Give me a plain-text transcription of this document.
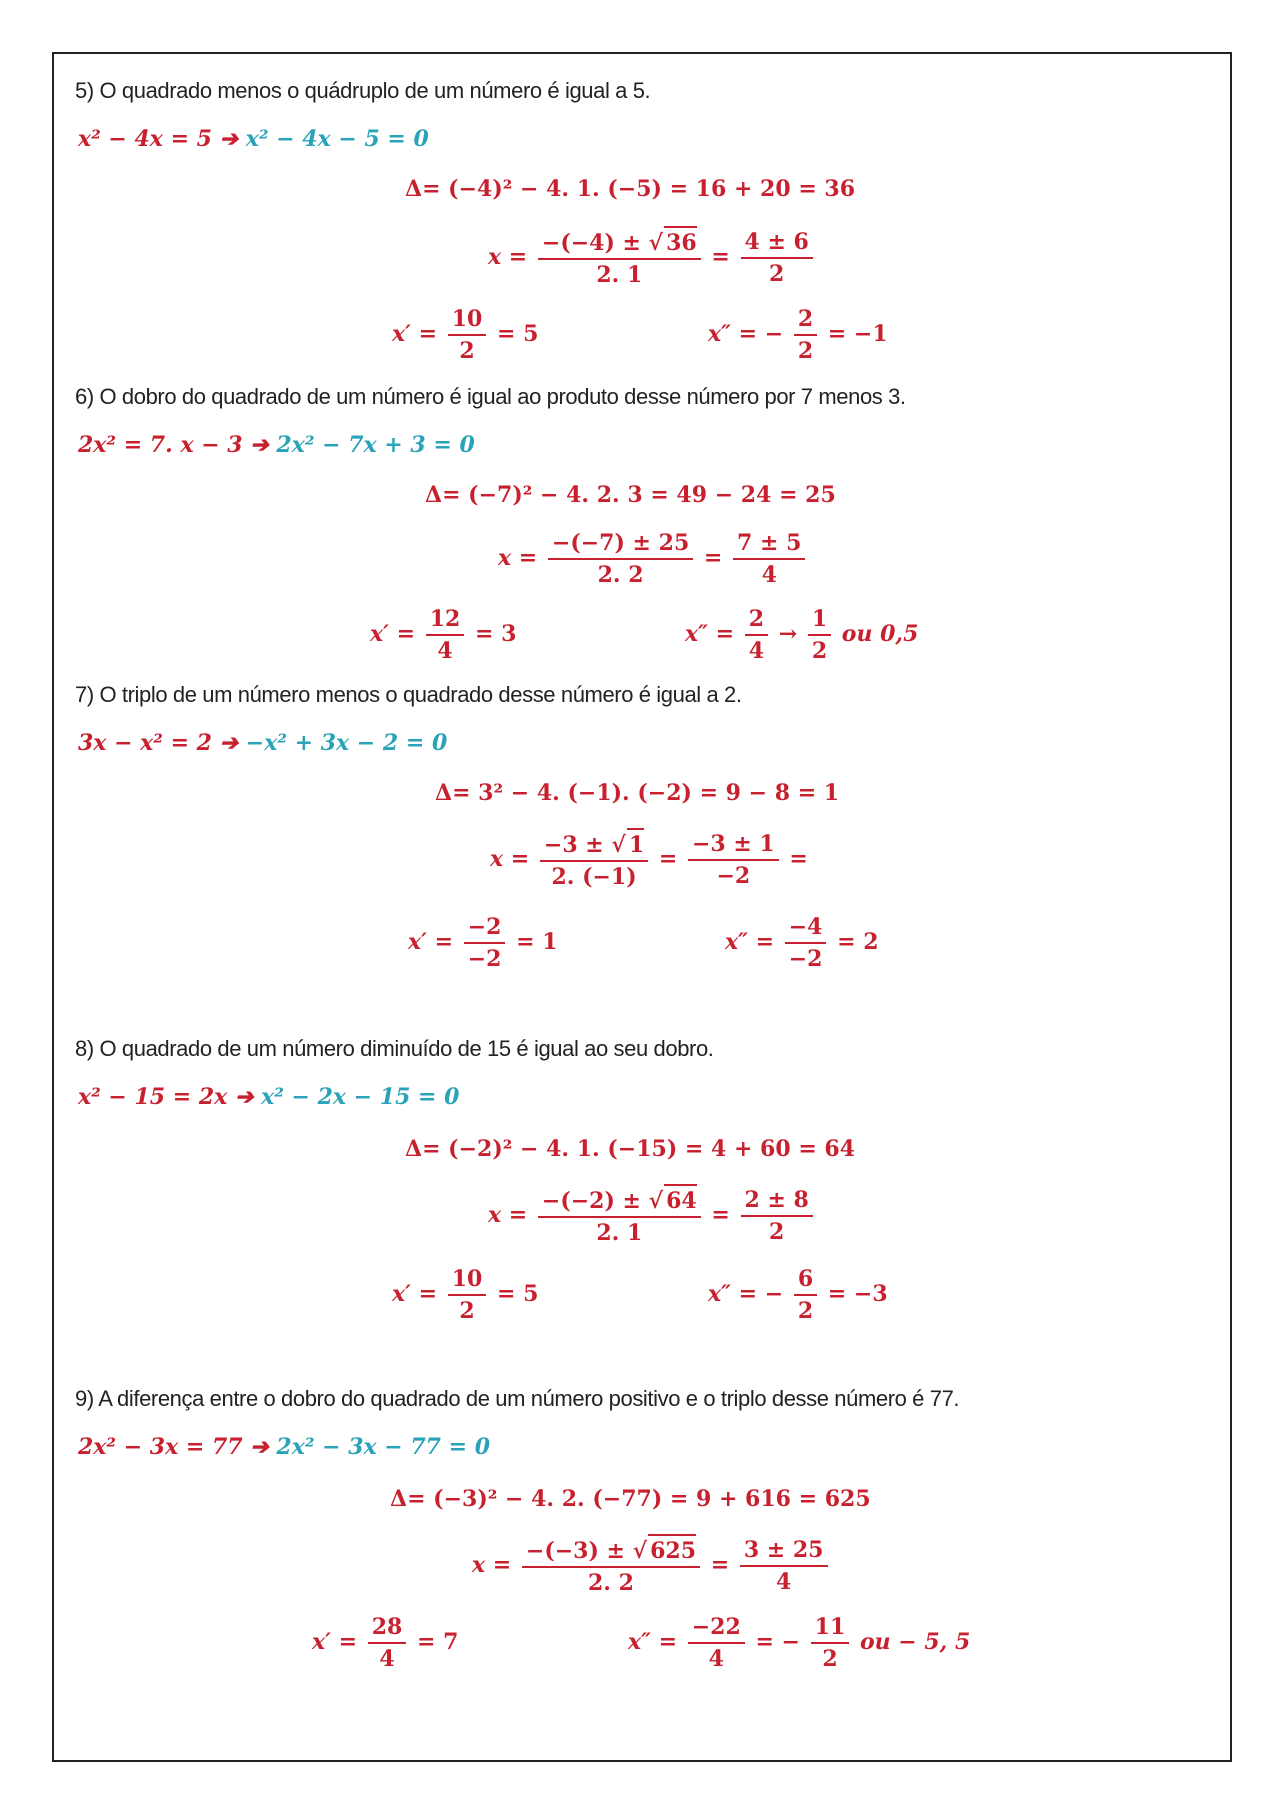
5) O quadrado menos o quádruplo de um número é igual a 5.
x² − 4x = 5 ➔ x² − 4x − 5 = 0
Δ= (−4)² − 4. 1. (−5) = 16 + 20 = 36
$x = \frac{-(-4) \pm √ 36}{2. 1} = \frac{4 \pm 6}{2}$
$x' = \frac{10}{2} = 5$	x″ = − $\frac{2}{2} = -1$
6) O dobro do quadrado de um número é igual ao produto desse número por 7 menos 3.
2x² = 7. x − 3 ➔ 2x² − 7x + 3 = 0
Δ= (−7)² − 4. 2. 3 = 49 − 24 = 25
$x = \frac{-(-7) \pm 25}{2. 2} = \frac{7 \pm 5}{4}$
$x' = \frac{12}{4} = 3$	$x'' = \frac{2}{4} \to \frac{1}{2}$ ou 0,5
7) O triplo de um número menos o quadrado desse número é igual a 2.
3x − x² = 2 ➔ −x² + 3x − 2 = 0
Δ= 3² − 4. (−1). (−2) = 9 − 8 = 1
$x = \frac{-3 \pm √ 1}{2. (-1)} = \frac{-3 \pm 1}{-2}$ =
$x' = \frac{-2}{-2} = 1$	$x'' = \frac{-4}{-2} = 2$
8) O quadrado de um número diminuído de 15 é igual ao seu dobro.
x² − 15 = 2x ➔ x² − 2x − 15 = 0
Δ= (−2)² − 4. 1. (−15) = 4 + 60 = 64
$x = \frac{-(-2) \pm √ 64}{2. 1} = \frac{2 \pm 8}{2}$
$x' = \frac{10}{2} = 5$	x″ = − $\frac{6}{2} = -3$
9) A diferença entre o dobro do quadrado de um número positivo e o triplo desse número é 77.
2x² − 3x = 77 ➔ 2x² − 3x − 77 = 0
Δ= (−3)² − 4. 2. (−77) = 9 + 616 = 625
$x = \frac{-(-3) \pm √ 625}{2. 2} = \frac{3 \pm 25}{4}$
$x' = \frac{28}{4} = 7$	$x'' = \frac{-22}{4}$ = − $\frac{11}{2}$ ou − 5, 5
